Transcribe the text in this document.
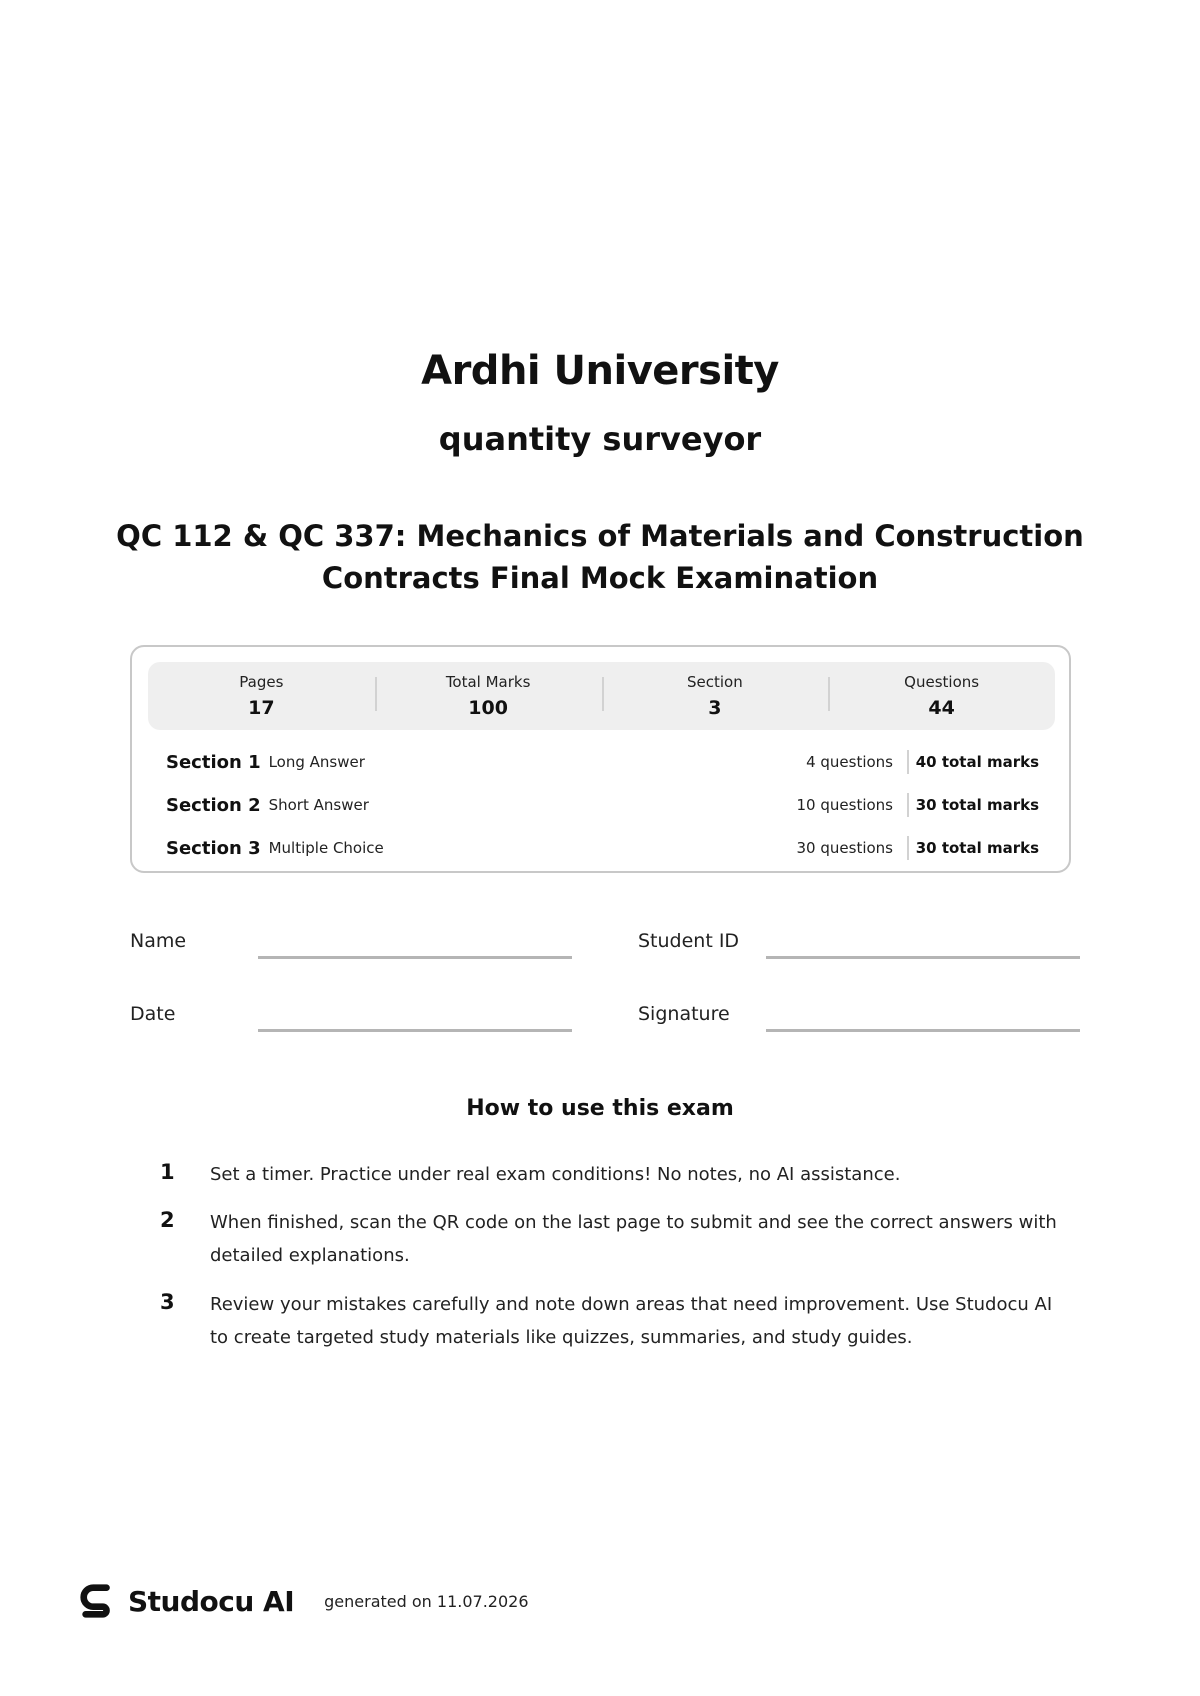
Ardhi University
quantity surveyor
QC 112 & QC 337: Mechanics of Materials and Construction
Contracts Final Mock Examination
Pages
17
Total Marks
100
Section
3
Questions
44
Section 1 Long Answer	4 questions	40 total marks
Section 2 Short Answer	10 questions	30 total marks
Section 3 Multiple Choice	30 questions	30 total marks
Name	Student ID
Date	Signature
How to use this exam
1	Set a timer. Practice under real exam conditions! No notes, no AI assistance.
2	When finished, scan the QR code on the last page to submit and see the correct answers with detailed explanations.
3	Review your mistakes carefully and note down areas that need improvement. Use Studocu AI to create targeted study materials like quizzes, summaries, and study guides.
Studocu AI generated on 11.07.2026
